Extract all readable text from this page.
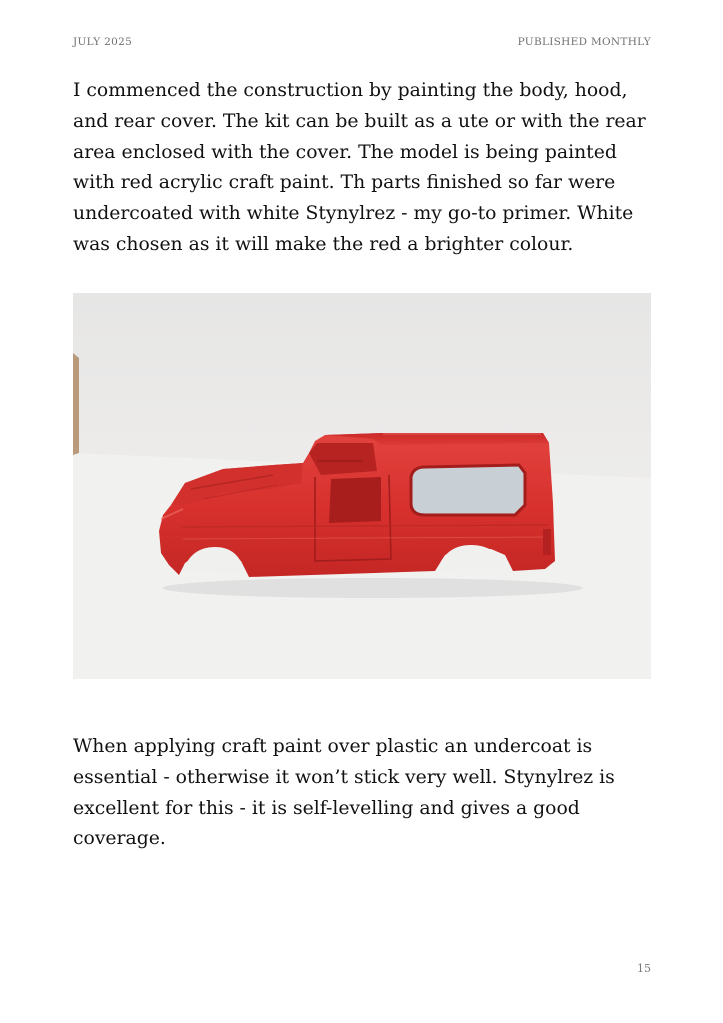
JULY 2025	PUBLISHED MONTHLY

I commenced the construction by painting the body, hood, and rear cover. The kit can be built as a ute or with the rear area enclosed with the cover. The model is being painted with red acrylic craft paint. Th parts finished so far were undercoated with white Stynylrez - my go-to primer. White was chosen as it will make the red a brighter colour.

When applying craft paint over plastic an undercoat is essential - otherwise it won’t stick very well. Stynylrez is excellent for this - it is self-levelling and gives a good coverage.

15
